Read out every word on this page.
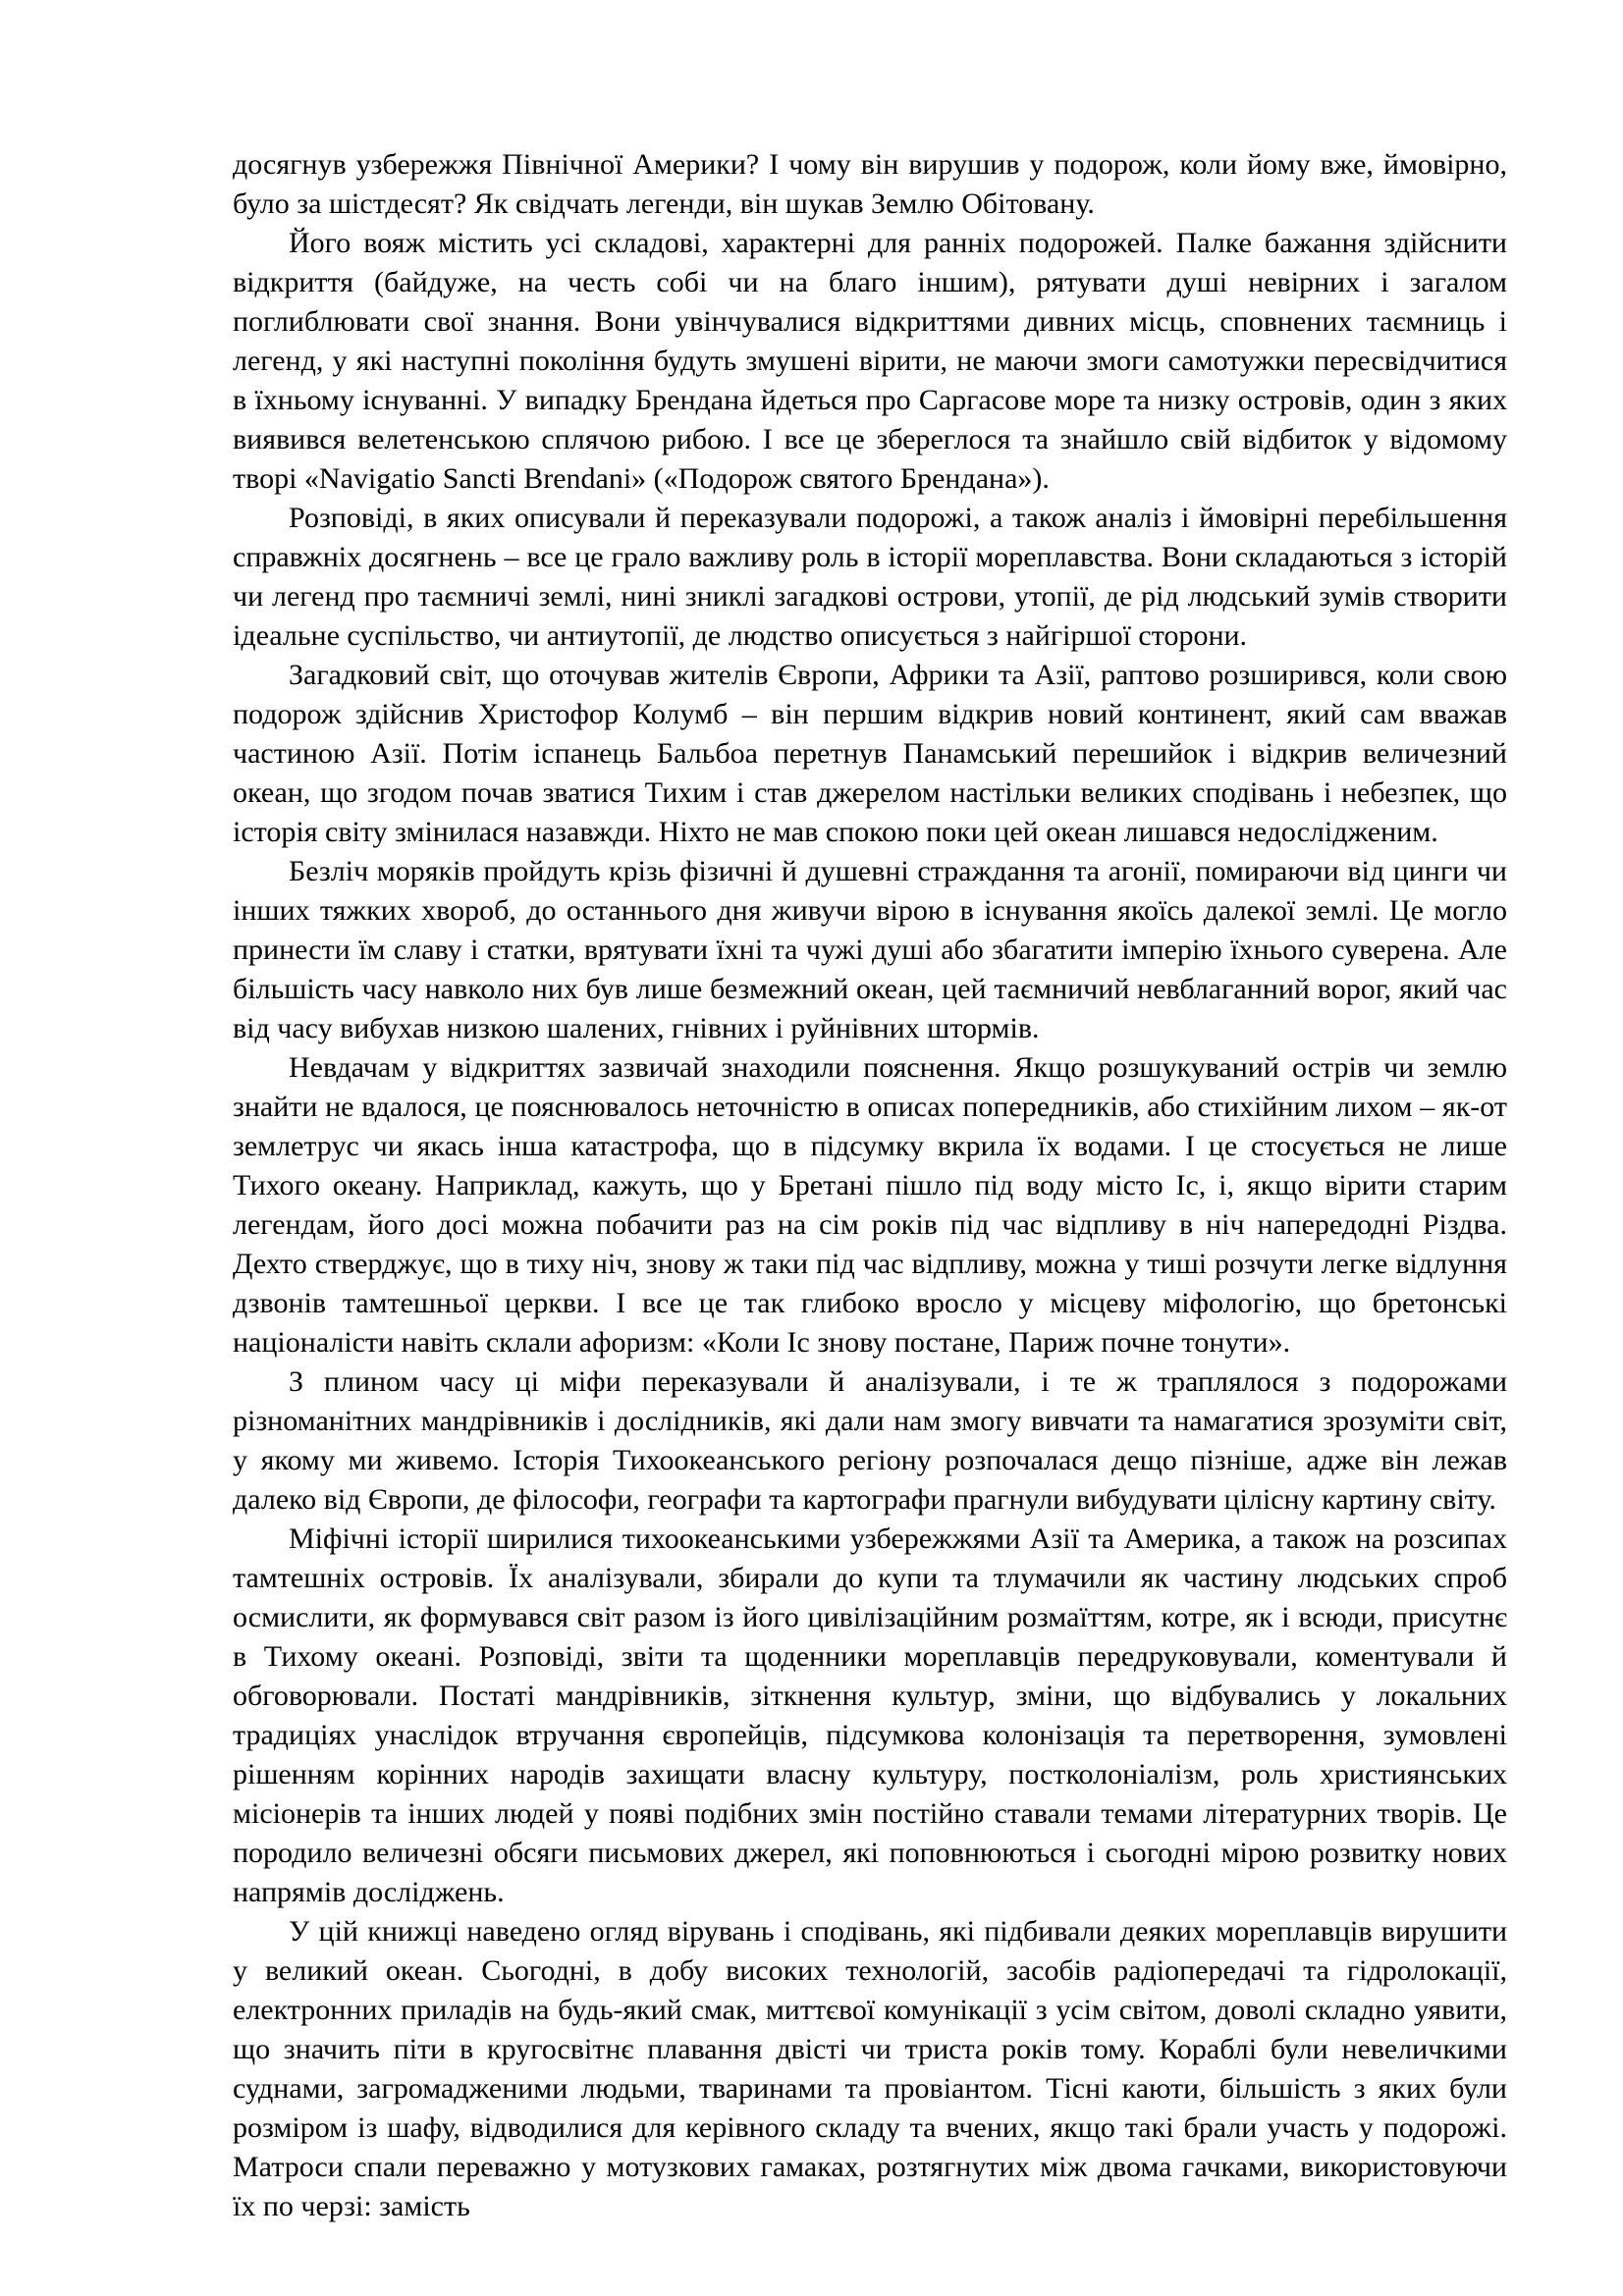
досягнув узбережжя Північної Америки? І чому він вирушив у подорож, коли йому вже, ймовірно, було за шістдесят? Як свідчать легенди, він шукав Землю Обітовану.

Його вояж містить усі складові, характерні для ранніх подорожей. Палке бажання здійснити відкриття (байдуже, на честь собі чи на благо іншим), рятувати душі невірних і загалом поглиблювати свої знання. Вони увінчувалися відкриттями дивних місць, сповнених таємниць і легенд, у які наступні покоління будуть змушені вірити, не маючи змоги самотужки пересвідчитися в їхньому існуванні. У випадку Брендана йдеться про Саргасове море та низку островів, один з яких виявився велетенською сплячою рибою. І все це збереглося та знайшло свій відбиток у відомому творі «Navigatio Sancti Brendani» («Подорож святого Брендана»).

Розповіді, в яких описували й переказували подорожі, а також аналіз і ймовірні перебільшення справжніх досягнень – все це грало важливу роль в історії мореплавства. Вони складаються з історій чи легенд про таємничі землі, нині зниклі загадкові острови, утопії, де рід людський зумів створити ідеальне суспільство, чи антиутопії, де людство описується з найгіршої сторони.

Загадковий світ, що оточував жителів Європи, Африки та Азії, раптово розширився, коли свою подорож здійснив Христофор Колумб – він першим відкрив новий континент, який сам вважав частиною Азії. Потім іспанець Бальбоа перетнув Панамський перешийок і відкрив величезний океан, що згодом почав зватися Тихим і став джерелом настільки великих сподівань і небезпек, що історія світу змінилася назавжди. Ніхто не мав спокою поки цей океан лишався недослідженим.

Безліч моряків пройдуть крізь фізичні й душевні страждання та агонії, помираючи від цинги чи інших тяжких хвороб, до останнього дня живучи вірою в існування якоїсь далекої землі. Це могло принести їм славу і статки, врятувати їхні та чужі душі або збагатити імперію їхнього суверена. Але більшість часу навколо них був лише безмежний океан, цей таємничий невблаганний ворог, який час від часу вибухав низкою шалених, гнівних і руйнівних штормів.

Невдачам у відкриттях зазвичай знаходили пояснення. Якщо розшукуваний острів чи землю знайти не вдалося, це пояснювалось неточністю в описах попередників, або стихійним лихом – як-от землетрус чи якась інша катастрофа, що в підсумку вкрила їх водами. І це стосується не лише Тихого океану. Наприклад, кажуть, що у Бретані пішло під воду місто Іс, і, якщо вірити старим легендам, його досі можна побачити раз на сім років під час відпливу в ніч напередодні Різдва. Дехто стверджує, що в тиху ніч, знову ж таки під час відпливу, можна у тиші розчути легке відлуння дзвонів тамтешньої церкви. І все це так глибоко вросло у місцеву міфологію, що бретонські націоналісти навіть склали афоризм: «Коли Іс знову постане, Париж почне тонути».

З плином часу ці міфи переказували й аналізували, і те ж траплялося з подорожами різноманітних мандрівників і дослідників, які дали нам змогу вивчати та намагатися зрозуміти світ, у якому ми живемо. Історія Тихоокеанського регіону розпочалася дещо пізніше, адже він лежав далеко від Європи, де філософи, географи та картографи прагнули вибудувати цілісну картину світу.

Міфічні історії ширилися тихоокеанськими узбережжями Азії та Америка, а також на розсипах тамтешніх островів. Їх аналізували, збирали до купи та тлумачили як частину людських спроб осмислити, як формувався світ разом із його цивілізаційним розмаїттям, котре, як і всюди, присутнє в Тихому океані. Розповіді, звіти та щоденники мореплавців передруковували, коментували й обговорювали. Постаті мандрівників, зіткнення культур, зміни, що відбувались у локальних традиціях унаслідок втручання європейців, підсумкова колонізація та перетворення, зумовлені рішенням корінних народів захищати власну культуру, постколоніалізм, роль християнських місіонерів та інших людей у появі подібних змін постійно ставали темами літературних творів. Це породило величезні обсяги письмових джерел, які поповнюються і сьогодні мірою розвитку нових напрямів досліджень.

У цій книжці наведено огляд вірувань і сподівань, які підбивали деяких мореплавців вирушити у великий океан. Сьогодні, в добу високих технологій, засобів радіопередачі та гідролокації, електронних приладів на будь-який смак, миттєвої комунікації з усім світом, доволі складно уявити, що значить піти в кругосвітнє плавання двісті чи триста років тому. Кораблі були невеличкими суднами, загромадженими людьми, тваринами та провіантом. Тісні каюти, більшість з яких були розміром із шафу, відводилися для керівного складу та вчених, якщо такі брали участь у подорожі. Матроси спали переважно у мотузкових гамаках, розтягнутих між двома гачками, використовуючи їх по черзі: замість
